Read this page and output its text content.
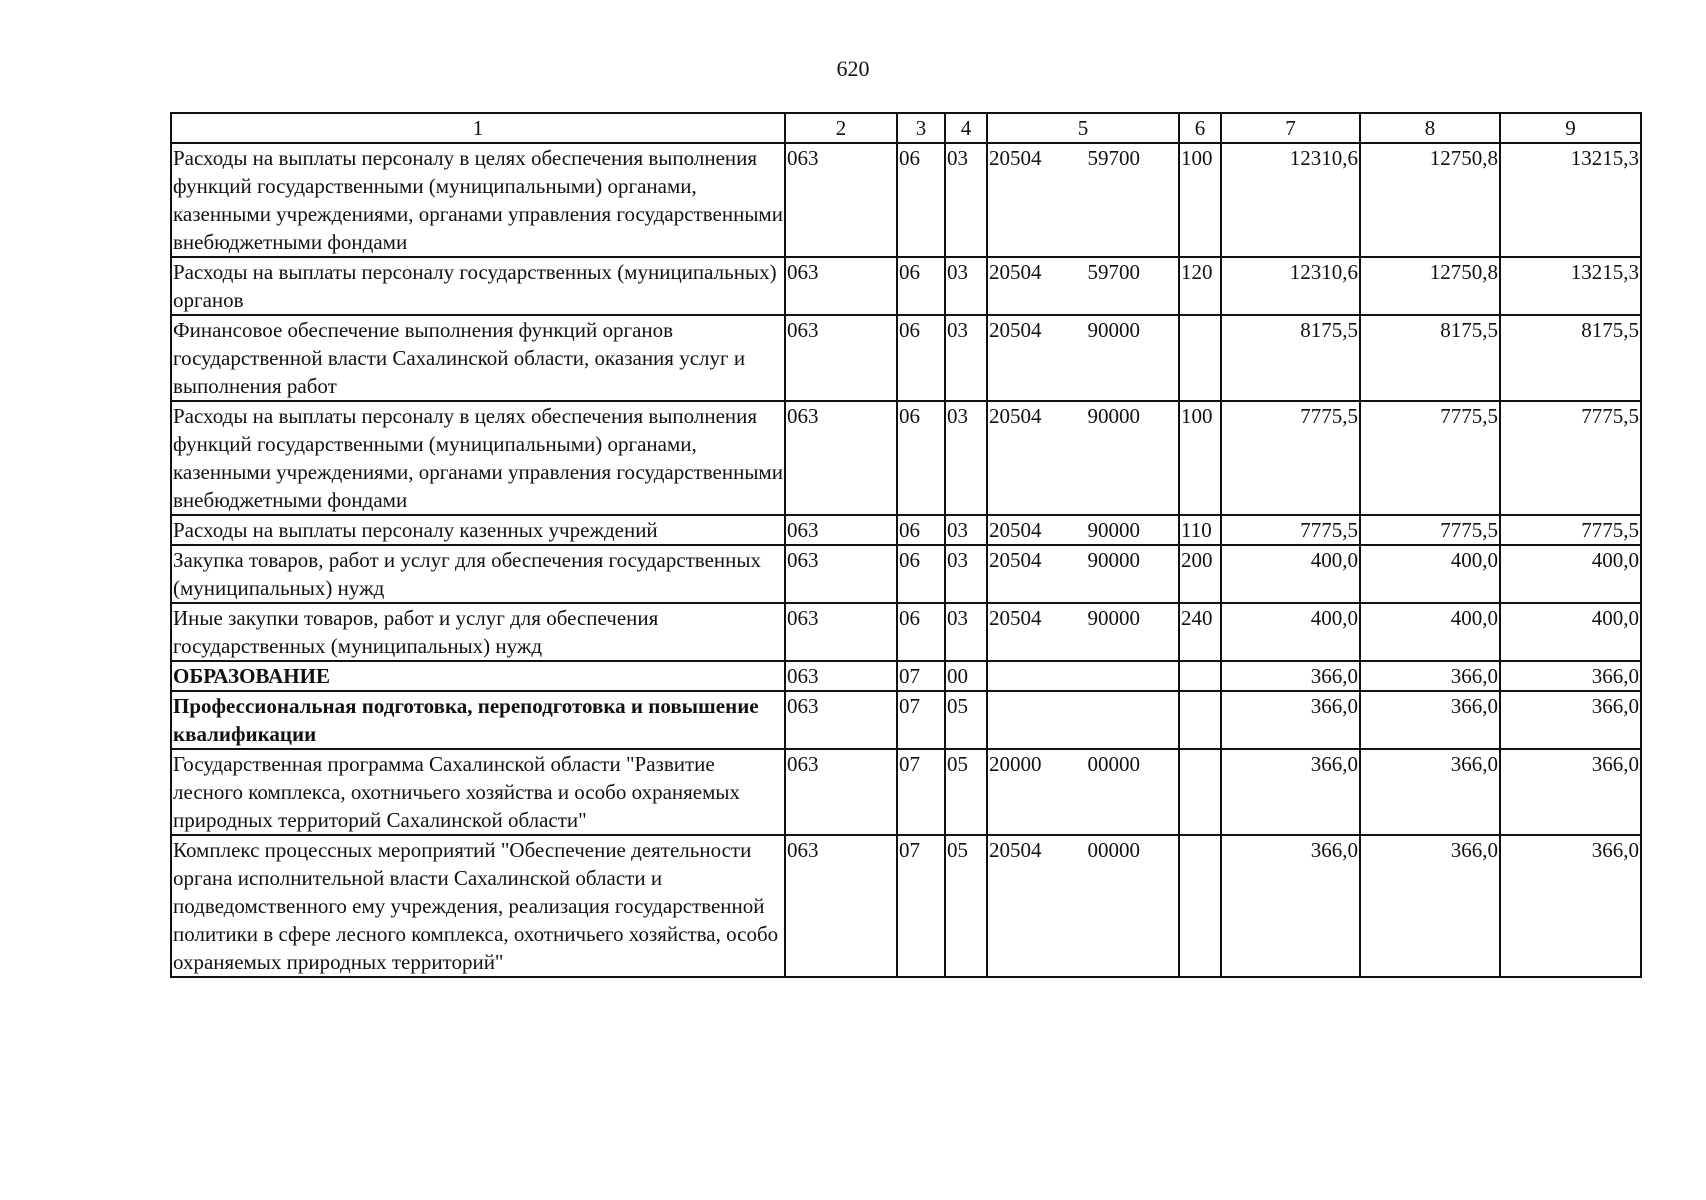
620
1	2	3	4	5	6	7	8	9
Расходы на выплаты персоналу в целях обеспечения выполнения функций государственными (муниципальными) органами, казенными учреждениями, органами управления государственными внебюджетными фондами	063	06	03	20504 59700	100	12310,6	12750,8	13215,3
Расходы на выплаты персоналу государственных (муниципальных) органов	063	06	03	20504 59700	120	12310,6	12750,8	13215,3
Финансовое обеспечение выполнения функций органов государственной власти Сахалинской области, оказания услуг и выполнения работ	063	06	03	20504 90000		8175,5	8175,5	8175,5
Расходы на выплаты персоналу в целях обеспечения выполнения функций государственными (муниципальными) органами, казенными учреждениями, органами управления государственными внебюджетными фондами	063	06	03	20504 90000	100	7775,5	7775,5	7775,5
Расходы на выплаты персоналу казенных учреждений	063	06	03	20504 90000	110	7775,5	7775,5	7775,5
Закупка товаров, работ и услуг для обеспечения государственных (муниципальных) нужд	063	06	03	20504 90000	200	400,0	400,0	400,0
Иные закупки товаров, работ и услуг для обеспечения государственных (муниципальных) нужд	063	06	03	20504 90000	240	400,0	400,0	400,0
ОБРАЗОВАНИЕ	063	07	00			366,0	366,0	366,0
Профессиональная подготовка, переподготовка и повышение квалификации	063	07	05			366,0	366,0	366,0
Государственная программа Сахалинской области "Развитие лесного комплекса, охотничьего хозяйства и особо охраняемых природных территорий Сахалинской области"	063	07	05	20000 00000		366,0	366,0	366,0
Комплекс процессных мероприятий "Обеспечение деятельности органа исполнительной власти Сахалинской области и подведомственного ему учреждения, реализация государственной политики в сфере лесного комплекса, охотничьего хозяйства, особо охраняемых природных территорий"	063	07	05	20504 00000		366,0	366,0	366,0
